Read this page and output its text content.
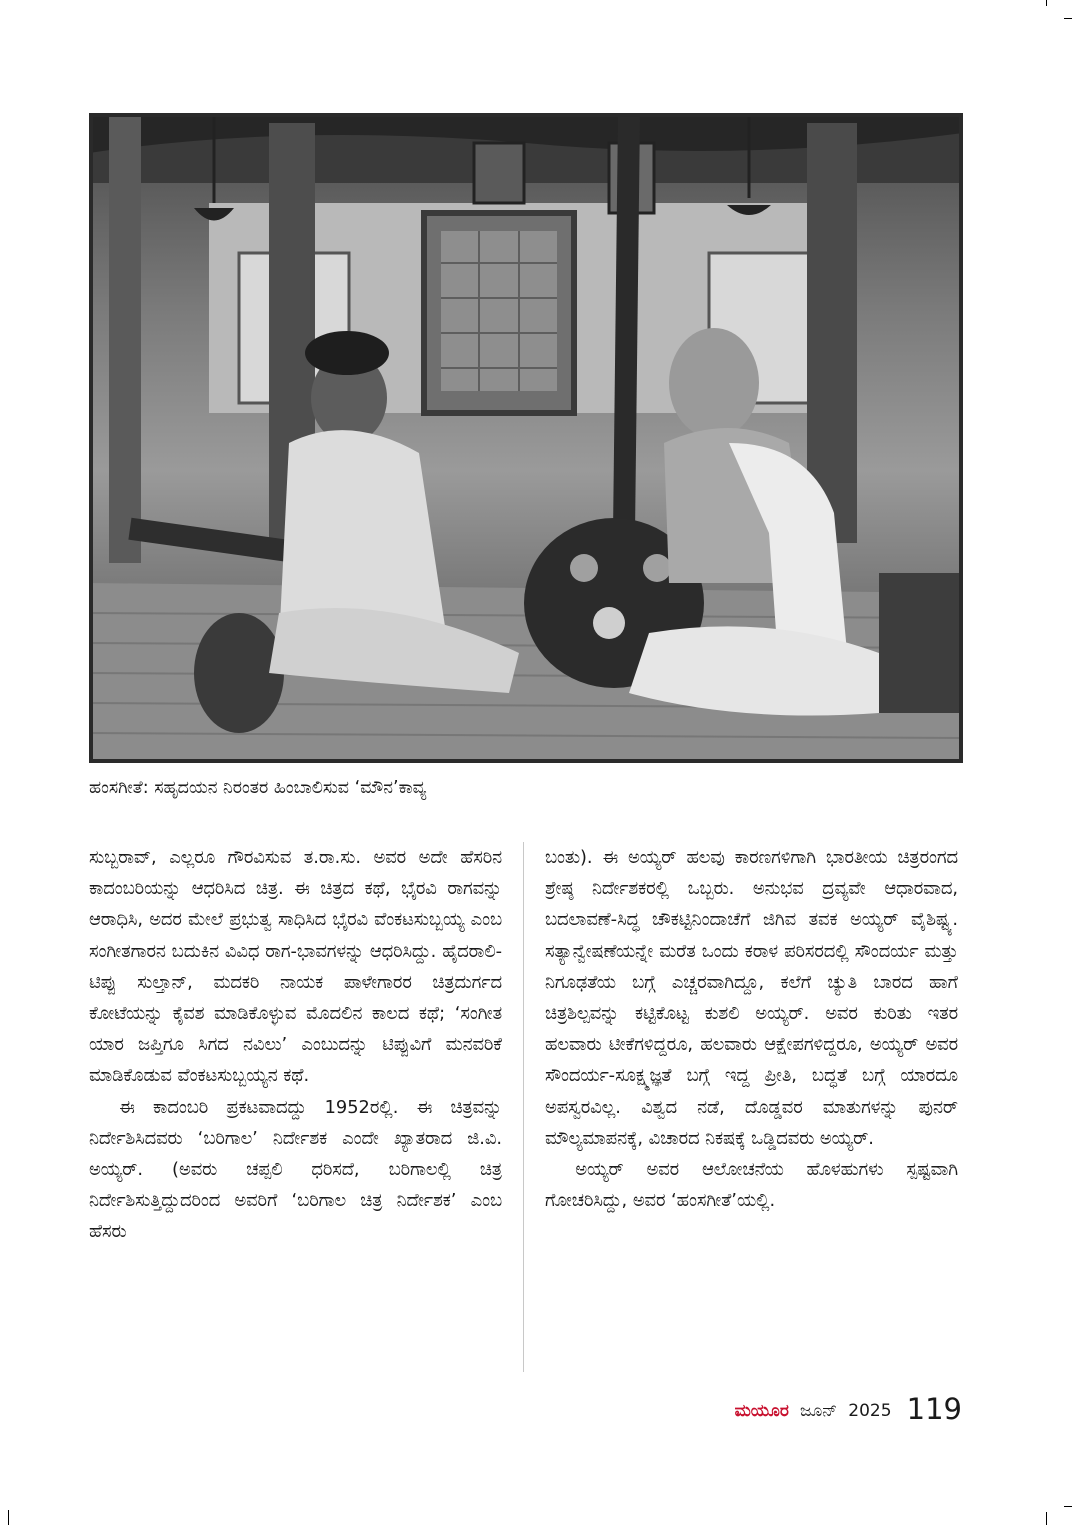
ಹಂಸಗೀತೆ: ಸಹೃದಯನ ನಿರಂತರ ಹಿಂಬಾಲಿಸುವ ‘ಮೌನ’ಕಾವ್ಯ

ಸುಬ್ಬರಾವ್, ಎಲ್ಲರೂ ಗೌರವಿಸುವ ತ.ರಾ.ಸು. ಅವರ ಅದೇ ಹೆಸರಿನ ಕಾದಂಬರಿಯನ್ನು ಆಧರಿಸಿದ ಚಿತ್ರ. ಈ ಚಿತ್ರದ ಕಥೆ, ಭೈರವಿ ರಾಗವನ್ನು ಆರಾಧಿಸಿ, ಅದರ ಮೇಲೆ ಪ್ರಭುತ್ವ ಸಾಧಿಸಿದ ಭೈರವಿ ವೆಂಕಟಸುಬ್ಬಯ್ಯ ಎಂಬ ಸಂಗೀತಗಾರನ ಬದುಕಿನ ವಿವಿಧ ರಾಗ-ಭಾವಗಳನ್ನು ಆಧರಿಸಿದ್ದು. ಹೈದರಾಲಿ-ಟಿಪ್ಪು ಸುಲ್ತಾನ್, ಮದಕರಿ ನಾಯಕ ಪಾಳೇಗಾರರ ಚಿತ್ರದುರ್ಗದ ಕೋಟೆಯನ್ನು ಕೈವಶ ಮಾಡಿಕೊಳ್ಳುವ ಮೊದಲಿನ ಕಾಲದ ಕಥೆ; ‘ಸಂಗೀತ ಯಾರ ಜಪ್ತಿಗೂ ಸಿಗದ ನವಿಲು’ ಎಂಬುದನ್ನು ಟಿಪ್ಪುವಿಗೆ ಮನವರಿಕೆ ಮಾಡಿಕೊಡುವ ವೆಂಕಟಸುಬ್ಬಯ್ಯನ ಕಥೆ.

ಈ ಕಾದಂಬರಿ ಪ್ರಕಟವಾದದ್ದು 1952ರಲ್ಲಿ. ಈ ಚಿತ್ರವನ್ನು ನಿರ್ದೇಶಿಸಿದವರು ‘ಬರಿಗಾಲ’ ನಿರ್ದೇಶಕ ಎಂದೇ ಖ್ಯಾತರಾದ ಜಿ.ವಿ. ಅಯ್ಯರ್. (ಅವರು ಚಪ್ಪಲಿ ಧರಿಸದೆ, ಬರಿಗಾಲಲ್ಲಿ ಚಿತ್ರ ನಿರ್ದೇಶಿಸುತ್ತಿದ್ದುದರಿಂದ ಅವರಿಗೆ ‘ಬರಿಗಾಲ ಚಿತ್ರ ನಿರ್ದೇಶಕ’ ಎಂಬ ಹೆಸರು

ಬಂತು). ಈ ಅಯ್ಯರ್ ಹಲವು ಕಾರಣಗಳಿಗಾಗಿ ಭಾರತೀಯ ಚಿತ್ರರಂಗದ ಶ್ರೇಷ್ಠ ನಿರ್ದೇಶಕರಲ್ಲಿ ಒಬ್ಬರು. ಅನುಭವ ದ್ರವ್ಯವೇ ಆಧಾರವಾದ, ಬದಲಾವಣೆ-ಸಿದ್ಧ ಚೌಕಟ್ಟಿನಿಂದಾಚೆಗೆ ಜಿಗಿವ ತವಕ ಅಯ್ಯರ್ ವೈಶಿಷ್ಟ್ಯ. ಸತ್ಯಾನ್ವೇಷಣೆಯನ್ನೇ ಮರೆತ ಒಂದು ಕರಾಳ ಪರಿಸರದಲ್ಲಿ ಸೌಂದರ್ಯ ಮತ್ತು ನಿಗೂಢತೆಯ ಬಗ್ಗೆ ಎಚ್ಚರವಾಗಿದ್ದೂ, ಕಲೆಗೆ ಚ್ಯುತಿ ಬಾರದ ಹಾಗೆ ಚಿತ್ರಶಿಲ್ಪವನ್ನು ಕಟ್ಟಿಕೊಟ್ಟ ಕುಶಲಿ ಅಯ್ಯರ್. ಅವರ ಕುರಿತು ಇತರ ಹಲವಾರು ಟೀಕೆಗಳಿದ್ದರೂ, ಹಲವಾರು ಆಕ್ಷೇಪಗಳಿದ್ದರೂ, ಅಯ್ಯರ್ ಅವರ ಸೌಂದರ್ಯ-ಸೂಕ್ಷ್ಮಜ್ಞತೆ ಬಗ್ಗೆ ಇದ್ದ ಪ್ರೀತಿ, ಬದ್ಧತೆ ಬಗ್ಗೆ ಯಾರದೂ ಅಪಸ್ವರವಿಲ್ಲ. ವಿಶ್ವದ ನಡೆ, ದೊಡ್ಡವರ ಮಾತುಗಳನ್ನು ಪುನರ್ ಮೌಲ್ಯಮಾಪನಕ್ಕೆ, ವಿಚಾರದ ನಿಕಷಕ್ಕೆ ಒಡ್ಡಿದವರು ಅಯ್ಯರ್.

ಅಯ್ಯರ್ ಅವರ ಆಲೋಚನೆಯ ಹೊಳಹುಗಳು ಸ್ಪಷ್ಟವಾಗಿ ಗೋಚರಿಸಿದ್ದು, ಅವರ ‘ಹಂಸಗೀತೆ’ಯಲ್ಲಿ.

ಮಯೂರ ಜೂನ್ 2025 119
